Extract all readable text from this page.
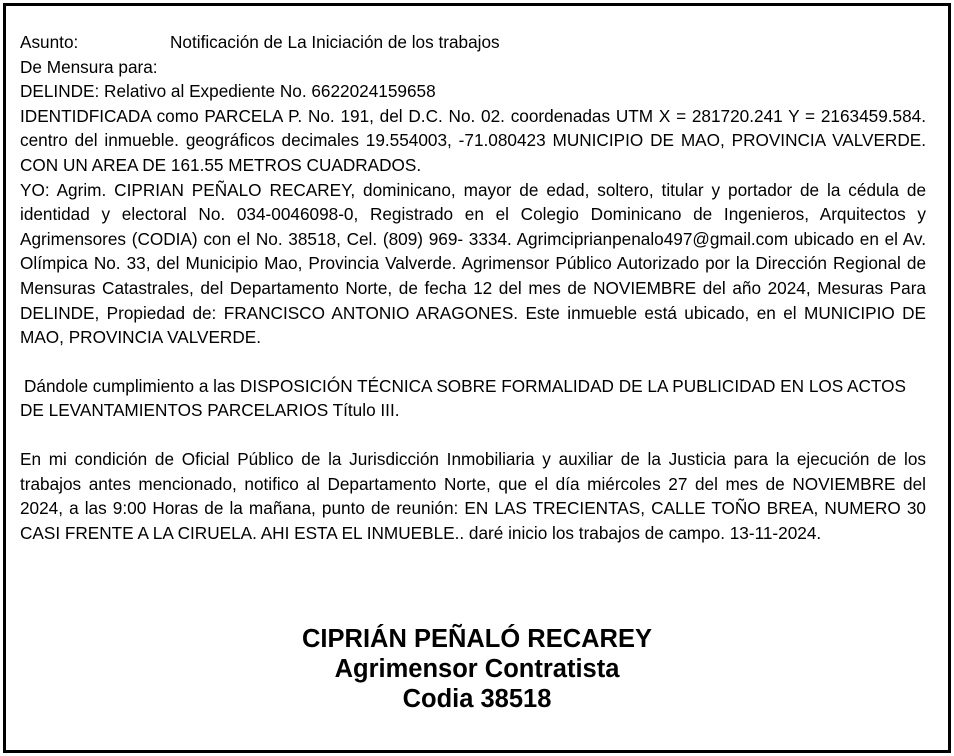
Asunto:	Notificación de La Iniciación de los trabajos

De Mensura para:

DELINDE: Relativo al Expediente No. 6622024159658

IDENTIDFICADA como PARCELA P. No. 191, del D.C. No. 02. coordenadas UTM X = 281720.241 Y = 2163459.584. centro del inmueble. geográficos decimales 19.554003, -71.080423 MUNICIPIO DE MAO, PROVINCIA VALVERDE. CON UN AREA DE 161.55 METROS CUADRADOS.

YO: Agrim. CIPRIAN PEÑALO RECAREY, dominicano, mayor de edad, soltero, titular y portador de la cédula de identidad y electoral No. 034-0046098-0, Registrado en el Colegio Dominicano de Ingenieros, Arquitectos y Agrimensores (CODIA) con el No. 38518, Cel. (809) 969- 3334. Agrimciprianpenalo497@gmail.com ubicado en el Av. Olímpica No. 33, del Municipio Mao, Provincia Valverde. Agrimensor Público Autorizado por la Dirección Regional de Mensuras Catastrales, del Departamento Norte, de fecha 12 del mes de NOVIEMBRE del año 2024, Mesuras Para DELINDE, Propiedad de: FRANCISCO ANTONIO ARAGONES. Este inmueble está ubicado, en el MUNICIPIO DE MAO, PROVINCIA VALVERDE.

Dándole cumplimiento a las DISPOSICIÓN TÉCNICA SOBRE FORMALIDAD DE LA PUBLICIDAD EN LOS ACTOS DE LEVANTAMIENTOS PARCELARIOS Título III.

En mi condición de Oficial Público de la Jurisdicción Inmobiliaria y auxiliar de la Justicia para la ejecución de los trabajos antes mencionado, notifico al Departamento Norte, que el día miércoles 27 del mes de NOVIEMBRE del 2024, a las 9:00 Horas de la mañana, punto de reunión: EN LAS TRECIENTAS, CALLE TOÑO BREA, NUMERO 30 CASI FRENTE A LA CIRUELA. AHI ESTA EL INMUEBLE.. daré inicio los trabajos de campo. 13-11-2024.

CIPRIÁN PEÑALÓ RECAREY
Agrimensor Contratista
Codia 38518
